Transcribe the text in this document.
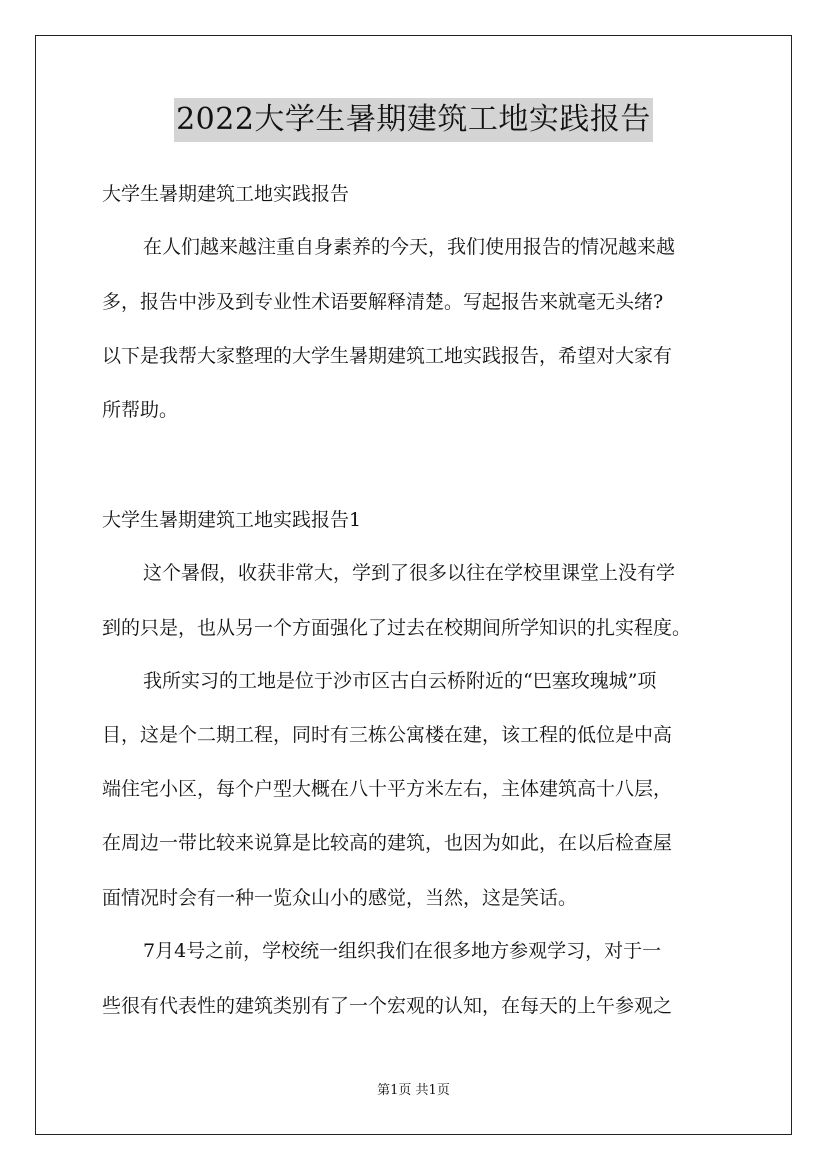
2022大学生暑期建筑工地实践报告
大学生暑期建筑工地实践报告
在人们越来越注重自身素养的今天，我们使用报告的情况越来越
多，报告中涉及到专业性术语要解释清楚。写起报告来就毫无头绪?
以下是我帮大家整理的大学生暑期建筑工地实践报告，希望对大家有
所帮助。
大学生暑期建筑工地实践报告1
这个暑假，收获非常大，学到了很多以往在学校里课堂上没有学
到的只是，也从另一个方面强化了过去在校期间所学知识的扎实程度。
我所实习的工地是位于沙市区古白云桥附近的“巴塞玫瑰城”项
目，这是个二期工程，同时有三栋公寓楼在建，该工程的低位是中高
端住宅小区，每个户型大概在八十平方米左右，主体建筑高十八层，
在周边一带比较来说算是比较高的建筑，也因为如此，在以后检查屋
面情况时会有一种一览众山小的感觉，当然，这是笑话。
7月4号之前，学校统一组织我们在很多地方参观学习，对于一
些很有代表性的建筑类别有了一个宏观的认知，在每天的上午参观之
第1页 共1页
